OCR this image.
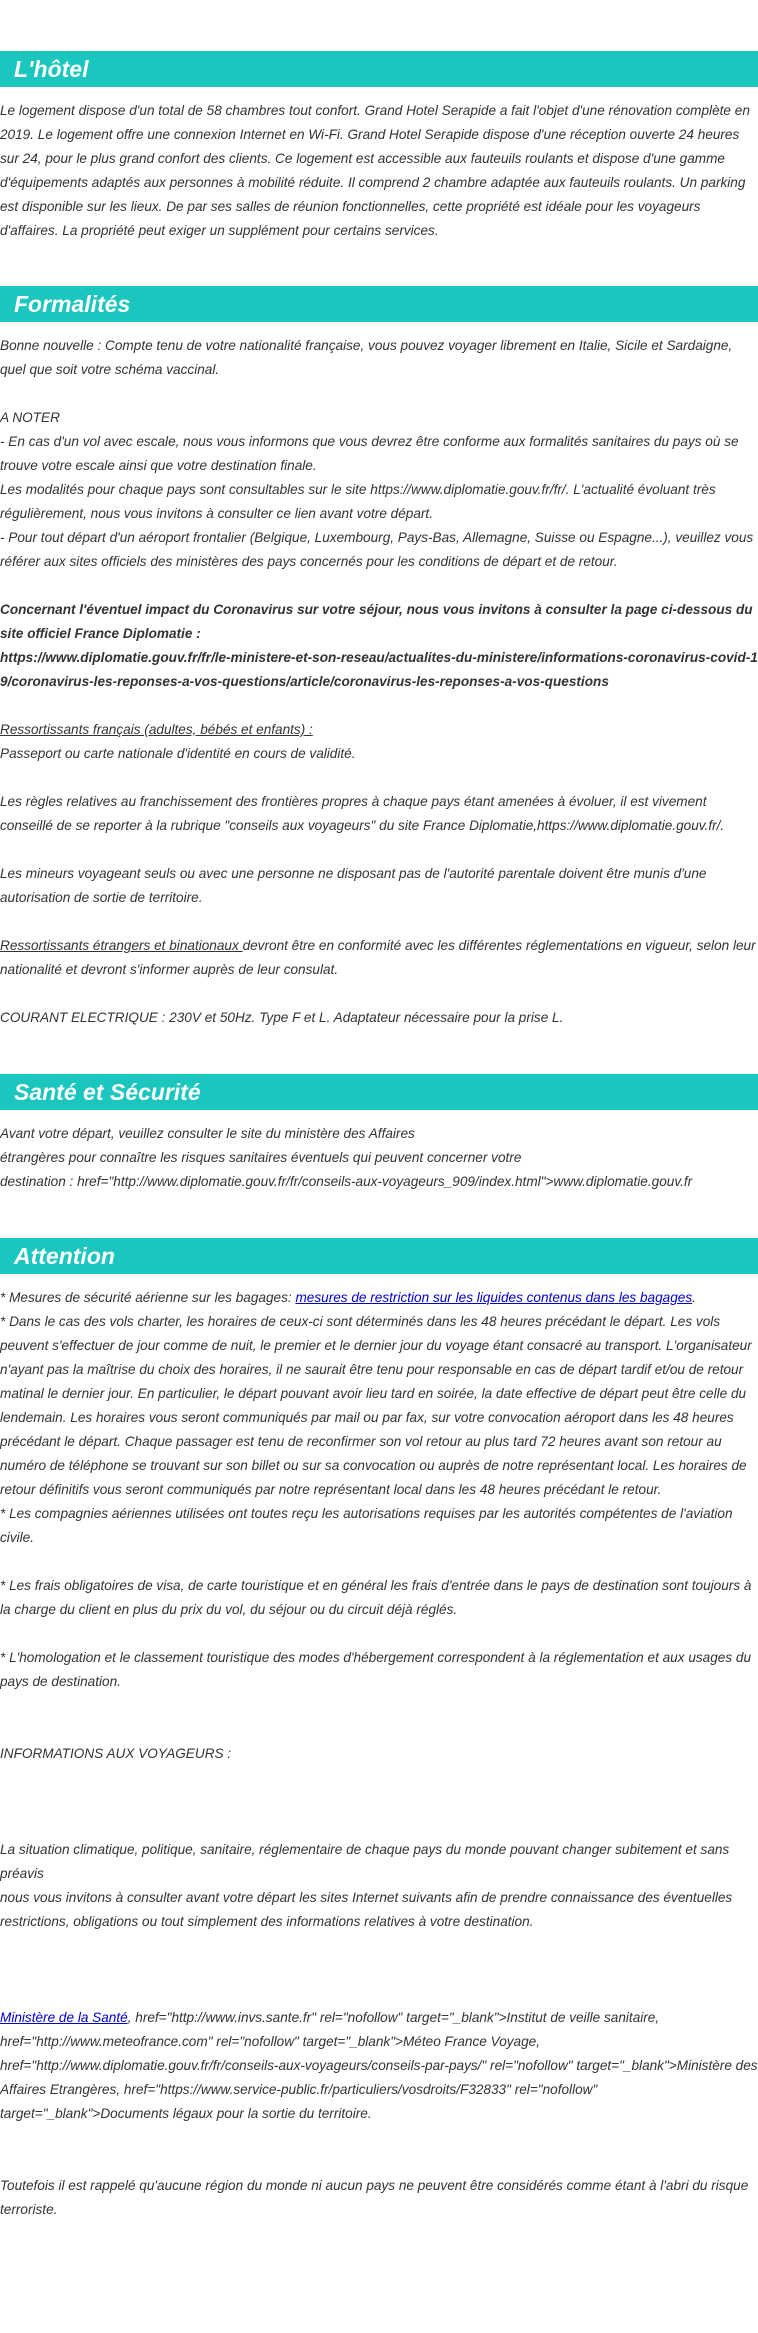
L'hôtel

Le logement dispose d'un total de 58 chambres tout confort. Grand Hotel Serapide a fait l'objet d'une rénovation complète en 2019. Le logement offre une connexion Internet en Wi-Fi. Grand Hotel Serapide dispose d'une réception ouverte 24 heures sur 24, pour le plus grand confort des clients. Ce logement est accessible aux fauteuils roulants et dispose d'une gamme d'équipements adaptés aux personnes à mobilité réduite. Il comprend 2 chambre adaptée aux fauteuils roulants. Un parking est disponible sur les lieux. De par ses salles de réunion fonctionnelles, cette propriété est idéale pour les voyageurs d'affaires. La propriété peut exiger un supplément pour certains services.

Formalités

Bonne nouvelle : Compte tenu de votre nationalité française, vous pouvez voyager librement en Italie, Sicile et Sardaigne, quel que soit votre schéma vaccinal.

A NOTER

- En cas d'un vol avec escale, nous vous informons que vous devrez être conforme aux formalités sanitaires du pays où se trouve votre escale ainsi que votre destination finale.

Les modalités pour chaque pays sont consultables sur le site https://www.diplomatie.gouv.fr/fr/. L'actualité évoluant très régulièrement, nous vous invitons à consulter ce lien avant votre départ.

- Pour tout départ d'un aéroport frontalier (Belgique, Luxembourg, Pays-Bas, Allemagne, Suisse ou Espagne...), veuillez vous référer aux sites officiels des ministères des pays concernés pour les conditions de départ et de retour.

Concernant l'éventuel impact du Coronavirus sur votre séjour, nous vous invitons à consulter la page ci-dessous du site officiel France Diplomatie :
https://www.diplomatie.gouv.fr/fr/le-ministere-et-son-reseau/actualites-du-ministere/informations-coronavirus-covid-19/coronavirus-les-reponses-a-vos-questions/article/coronavirus-les-reponses-a-vos-questions

Ressortissants français (adultes, bébés et enfants) :

Passeport ou carte nationale d'identité en cours de validité.

Les règles relatives au franchissement des frontières propres à chaque pays étant amenées à évoluer, il est vivement conseillé de se reporter à la rubrique "conseils aux voyageurs" du site France Diplomatie,https://www.diplomatie.gouv.fr/.

Les mineurs voyageant seuls ou avec une personne ne disposant pas de l'autorité parentale doivent être munis d'une autorisation de sortie de territoire.

Ressortissants étrangers et binationaux devront être en conformité avec les différentes réglementations en vigueur, selon leur nationalité et devront s'informer auprès de leur consulat.

COURANT ELECTRIQUE : 230V et 50Hz. Type F et L. Adaptateur nécessaire pour la prise L.

Santé et Sécurité

Avant votre départ, veuillez consulter le site du ministère des Affaires

étrangères pour connaître les risques sanitaires éventuels qui peuvent concerner votre

destination : href="http://www.diplomatie.gouv.fr/fr/conseils-aux-voyageurs_909/index.html">www.diplomatie.gouv.fr

Attention

* Mesures de sécurité aérienne sur les bagages: mesures de restriction sur les liquides contenus dans les bagages.

* Dans le cas des vols charter, les horaires de ceux-ci sont déterminés dans les 48 heures précédant le départ. Les vols peuvent s'effectuer de jour comme de nuit, le premier et le dernier jour du voyage étant consacré au transport. L'organisateur n'ayant pas la maîtrise du choix des horaires, il ne saurait être tenu pour responsable en cas de départ tardif et/ou de retour matinal le dernier jour. En particulier, le départ pouvant avoir lieu tard en soirée, la date effective de départ peut être celle du lendemain. Les horaires vous seront communiqués par mail ou par fax, sur votre convocation aéroport dans les 48 heures précédant le départ. Chaque passager est tenu de reconfirmer son vol retour au plus tard 72 heures avant son retour au numéro de téléphone se trouvant sur son billet ou sur sa convocation ou auprès de notre représentant local. Les horaires de retour définitifs vous seront communiqués par notre représentant local dans les 48 heures précédant le retour.

* Les compagnies aériennes utilisées ont toutes reçu les autorisations requises par les autorités compétentes de l'aviation civile.

* Les frais obligatoires de visa, de carte touristique et en général les frais d'entrée dans le pays de destination sont toujours à la charge du client en plus du prix du vol, du séjour ou du circuit déjà réglés.

* L'homologation et le classement touristique des modes d'hébergement correspondent à la réglementation et aux usages du pays de destination.

INFORMATIONS AUX VOYAGEURS :

La situation climatique, politique, sanitaire, réglementaire de chaque pays du monde pouvant changer subitement et sans préavis

nous vous invitons à consulter avant votre départ les sites Internet suivants afin de prendre connaissance des éventuelles restrictions, obligations ou tout simplement des informations relatives à votre destination.

Ministère de la Santé, href="http://www.invs.sante.fr" rel="nofollow" target="_blank">Institut de veille sanitaire, href="http://www.meteofrance.com" rel="nofollow" target="_blank">Méteo France Voyage, href="http://www.diplomatie.gouv.fr/fr/conseils-aux-voyageurs/conseils-par-pays/" rel="nofollow" target="_blank">Ministère des Affaires Etrangères, href="https://www.service-public.fr/particuliers/vosdroits/F32833" rel="nofollow" target="_blank">Documents légaux pour la sortie du territoire.

Toutefois il est rappelé qu'aucune région du monde ni aucun pays ne peuvent être considérés comme étant à l'abri du risque terroriste.
